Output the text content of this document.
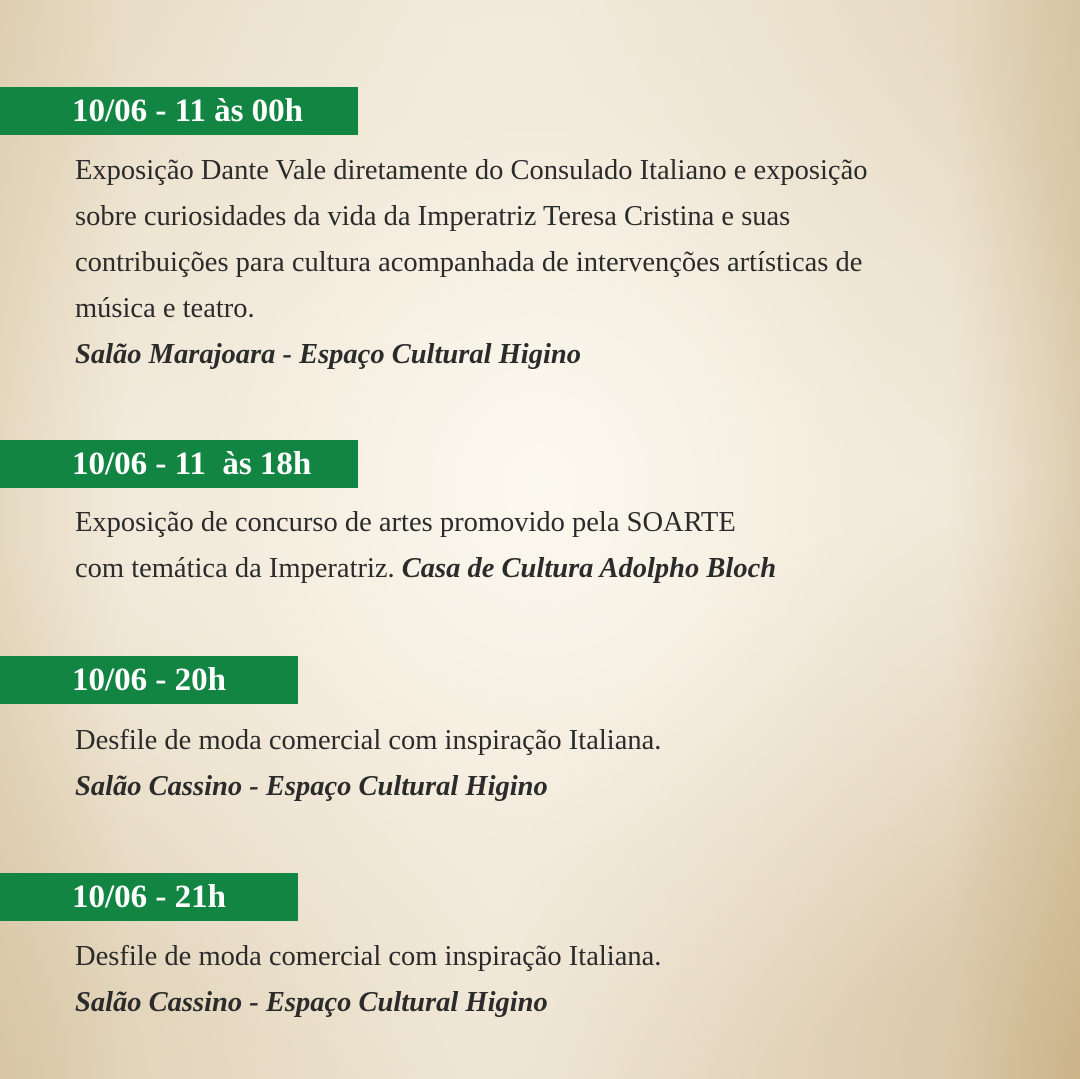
10/06 - 11 às 00h
Exposição Dante Vale diretamente do Consulado Italiano e exposição
sobre curiosidades da vida da Imperatriz Teresa Cristina e suas
contribuições para cultura acompanhada de intervenções artísticas de
música e teatro.
Salão Marajoara - Espaço Cultural Higino
10/06 - 11  às 18h
Exposição de concurso de artes promovido pela SOARTE
com temática da Imperatriz. Casa de Cultura Adolpho Bloch
10/06 - 20h
Desfile de moda comercial com inspiração Italiana.
Salão Cassino - Espaço Cultural Higino
10/06 - 21h
Desfile de moda comercial com inspiração Italiana.
Salão Cassino - Espaço Cultural Higino
